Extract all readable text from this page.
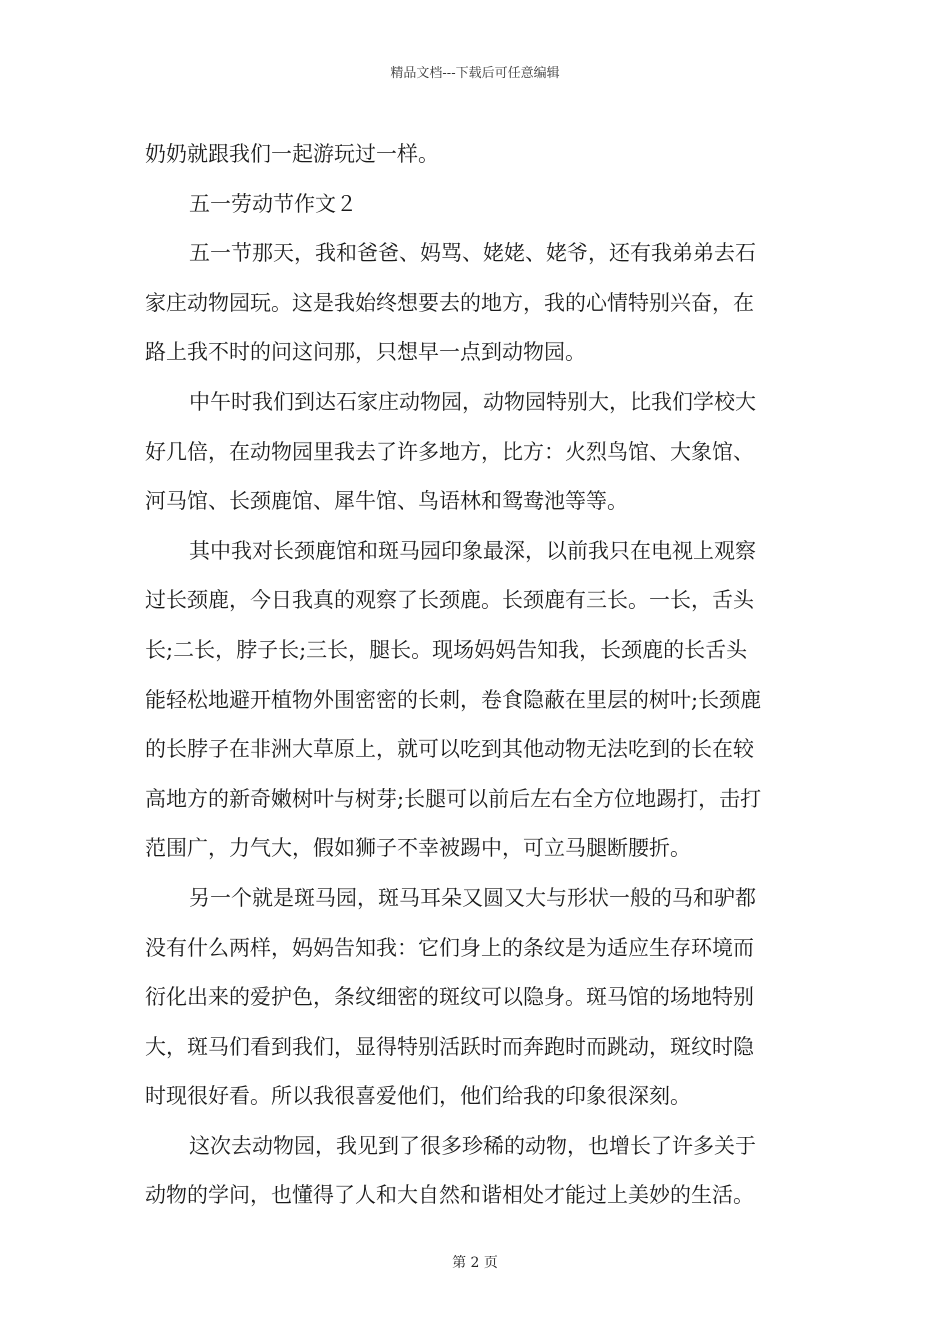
精品文档---下载后可任意编辑
奶奶就跟我们一起游玩过一样。
五一劳动节作文２
五一节那天，我和爸爸、妈骂、姥姥、姥爷，还有我弟弟去石
家庄动物园玩。这是我始终想要去的地方，我的心情特别兴奋，在
路上我不时的问这问那，只想早一点到动物园。
中午时我们到达石家庄动物园，动物园特别大，比我们学校大
好几倍，在动物园里我去了许多地方，比方：火烈鸟馆、大象馆、
河马馆、长颈鹿馆、犀牛馆、鸟语林和鸳鸯池等等。
其中我对长颈鹿馆和斑马园印象最深，以前我只在电视上观察
过长颈鹿，今日我真的观察了长颈鹿。长颈鹿有三长。一长，舌头
长;二长，脖子长;三长，腿长。现场妈妈告知我，长颈鹿的长舌头
能轻松地避开植物外围密密的长刺，卷食隐蔽在里层的树叶;长颈鹿
的长脖子在非洲大草原上，就可以吃到其他动物无法吃到的长在较
高地方的新奇嫩树叶与树芽;长腿可以前后左右全方位地踢打，击打
范围广，力气大，假如狮子不幸被踢中，可立马腿断腰折。
另一个就是斑马园，斑马耳朵又圆又大与形状一般的马和驴都
没有什么两样，妈妈告知我：它们身上的条纹是为适应生存环境而
衍化出来的爱护色，条纹细密的斑纹可以隐身。斑马馆的场地特别
大，斑马们看到我们，显得特别活跃时而奔跑时而跳动，斑纹时隐
时现很好看。所以我很喜爱他们，他们给我的印象很深刻。
这次去动物园，我见到了很多珍稀的动物，也增长了许多关于
动物的学问，也懂得了人和大自然和谐相处才能过上美妙的生活。
第 2 页
